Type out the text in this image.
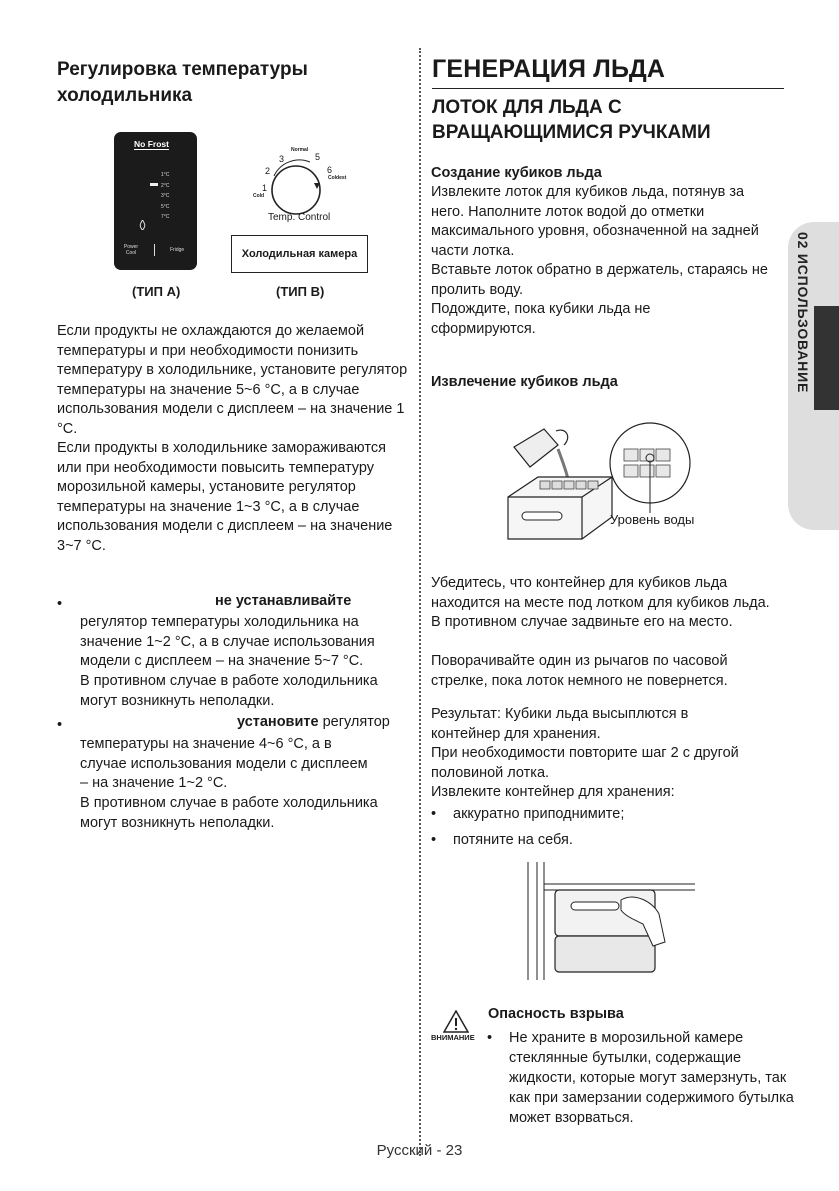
Регулировка температуры холодильника
No Frost
1°C
2°C
3°C
5°C
7°C
Power Cool	Fridge
1
2
3	5
6
Normal
Cold
Coldest
Temp. Control
Холодильная камера
(ТИП А)	(ТИП В)
Если продукты не охлаждаются до желаемой температуры и при необходимости понизить температуру в холодильнике, установите регулятор температуры на значение 5~6 °C, а в случае использования модели с дисплеем – на значение 1 °C.
Если продукты в холодильнике замораживаются или при необходимости повысить температуру морозильной камеры, установите регулятор температуры на значение 1~3 °C, а в случае использования модели с дисплеем – на значение 3~7 °C.
•	не устанавливайте
регулятор температуры холодильника на значение 1~2 °C, а в случае использования модели с дисплеем – на значение 5~7 °C.
В противном случае в работе холодильника могут возникнуть неполадки.
•	установите регулятор
температуры на значение 4~6 °C, а в случае использования модели с дисплеем – на значение 1~2 °C.
В противном случае в работе холодильника могут возникнуть неполадки.
ГЕНЕРАЦИЯ ЛЬДА
ЛОТОК ДЛЯ ЛЬДА С ВРАЩАЮЩИМИСЯ РУЧКАМИ
Создание кубиков льда
Извлеките лоток для кубиков льда, потянув за него. Наполните лоток водой до отметки максимального уровня, обозначенной на задней части лотка.
Вставьте лоток обратно в держатель, стараясь не пролить воду.
Подождите, пока кубики льда не сформируются.
Извлечение кубиков льда
Уровень воды
Убедитесь, что контейнер для кубиков льда находится на месте под лотком для кубиков льда. В противном случае задвиньте его на место.
Поворачивайте один из рычагов по часовой стрелке, пока лоток немного не повернется.
Результат: Кубики льда высыплются в контейнер для хранения.
При необходимости повторите шаг 2 с другой половиной лотка.
Извлеките контейнер для хранения:
• аккуратно приподнимите;
• потяните на себя.
ВНИМАНИЕ
Опасность взрыва
• Не храните в морозильной камере стеклянные бутылки, содержащие жидкости, которые могут замерзнуть, так как при замерзании содержимого бутылка может взорваться.
02 ИСПОЛЬЗОВАНИЕ
Русский - 23
